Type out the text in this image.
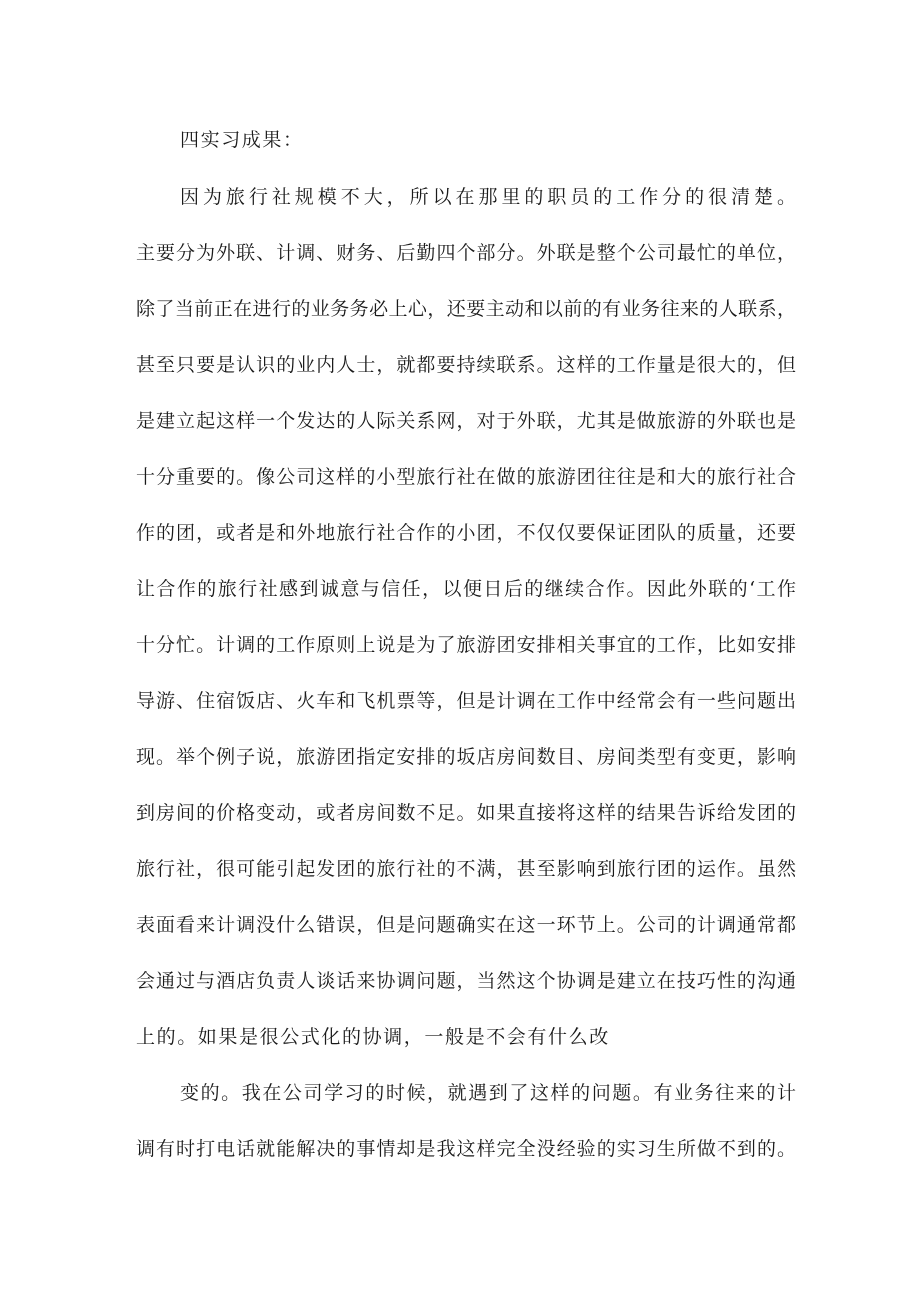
四实习成果：
因为旅行社规模不大，所以在那里的职员的工作分的很清楚。
主要分为外联、计调、财务、后勤四个部分。外联是整个公司最忙的单位，
除了当前正在进行的业务务必上心，还要主动和以前的有业务往来的人联系，
甚至只要是认识的业内人士，就都要持续联系。这样的工作量是很大的，但
是建立起这样一个发达的人际关系网，对于外联，尤其是做旅游的外联也是
十分重要的。像公司这样的小型旅行社在做的旅游团往往是和大的旅行社合
作的团，或者是和外地旅行社合作的小团，不仅仅要保证团队的质量，还要
让合作的旅行社感到诚意与信任，以便日后的继续合作。因此外联的‘工作
十分忙。计调的工作原则上说是为了旅游团安排相关事宜的工作，比如安排
导游、住宿饭店、火车和飞机票等，但是计调在工作中经常会有一些问题出
现。举个例子说，旅游团指定安排的坂店房间数目、房间类型有变更，影响
到房间的价格变动，或者房间数不足。如果直接将这样的结果告诉给发团的
旅行社，很可能引起发团的旅行社的不满，甚至影响到旅行团的运作。虽然
表面看来计调没什么错误，但是问题确实在这一环节上。公司的计调通常都
会通过与酒店负责人谈话来协调问题，当然这个协调是建立在技巧性的沟通
上的。如果是很公式化的协调，一般是不会有什么改
变的。我在公司学习的时候，就遇到了这样的问题。有业务往来的计
调有时打电话就能解决的事情却是我这样完全没经验的实习生所做不到的。
